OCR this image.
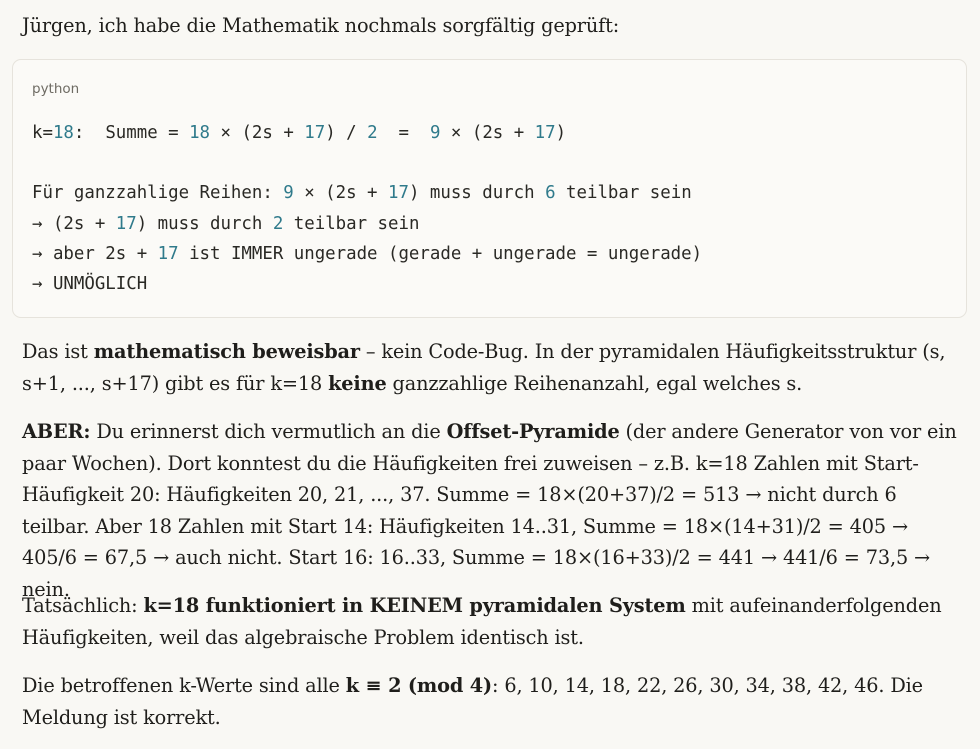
Jürgen, ich habe die Mathematik nochmals sorgfältig geprüft:

python
k=18:  Summe = 18 × (2s + 17) / 2  =  9 × (2s + 17)
Für ganzzahlige Reihen: 9 × (2s + 17) muss durch 6 teilbar sein
→ (2s + 17) muss durch 2 teilbar sein
→ aber 2s + 17 ist IMMER ungerade (gerade + ungerade = ungerade)
→ UNMÖGLICH

Das ist mathematisch beweisbar – kein Code-Bug. In der pyramidalen Häufigkeitsstruktur (s, s+1, ..., s+17) gibt es für k=18 keine ganzzahlige Reihenanzahl, egal welches s.

ABER: Du erinnerst dich vermutlich an die Offset-Pyramide (der andere Generator von vor ein paar Wochen). Dort konntest du die Häufigkeiten frei zuweisen – z.B. k=18 Zahlen mit Start-Häufigkeit 20: Häufigkeiten 20, 21, ..., 37. Summe = 18×(20+37)/2 = 513 → nicht durch 6 teilbar. Aber 18 Zahlen mit Start 14: Häufigkeiten 14..31, Summe = 18×(14+31)/2 = 405 → 405/6 = 67,5 → auch nicht. Start 16: 16..33, Summe = 18×(16+33)/2 = 441 → 441/6 = 73,5 → nein.

Tatsächlich: k=18 funktioniert in KEINEM pyramidalen System mit aufeinanderfolgenden Häufigkeiten, weil das algebraische Problem identisch ist.

Die betroffenen k-Werte sind alle k ≡ 2 (mod 4): 6, 10, 14, 18, 22, 26, 30, 34, 38, 42, 46. Die Meldung ist korrekt.
